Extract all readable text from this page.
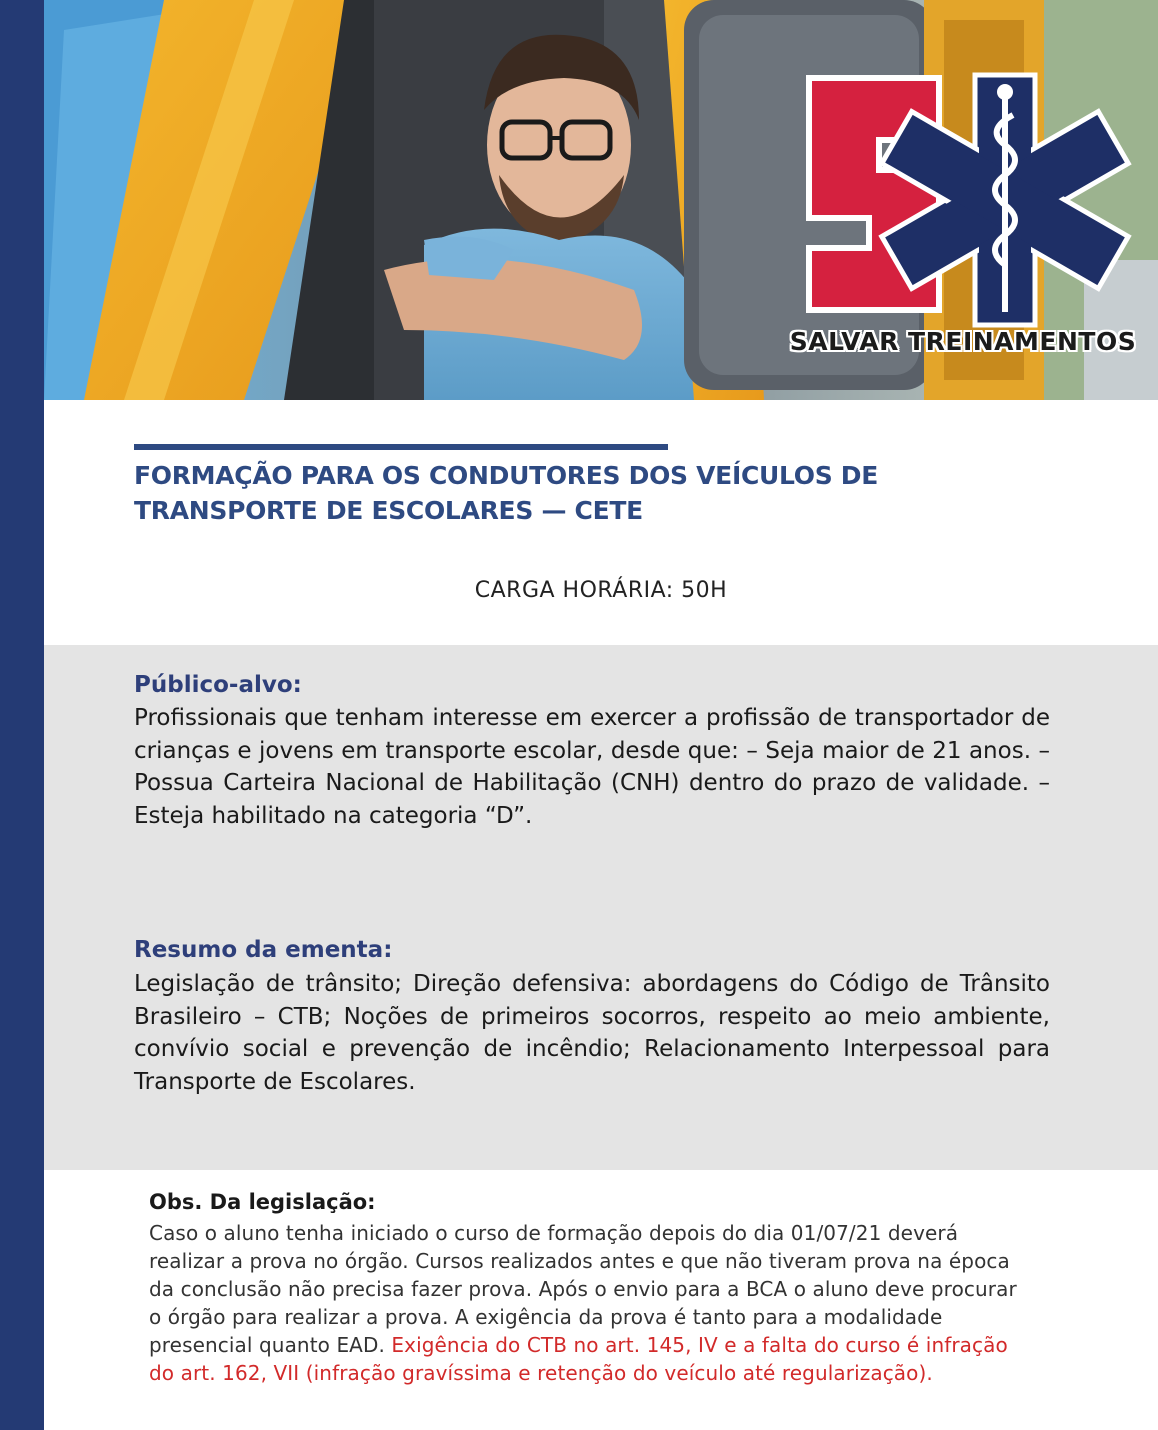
SALVAR TREINAMENTOS
FORMAÇÃO PARA OS CONDUTORES DOS VEÍCULOS DE
TRANSPORTE DE ESCOLARES — CETE
CARGA HORÁRIA: 50H
Público-alvo:

Profissionais que tenham interesse em exercer a profissão de transportador de crianças e jovens em transporte escolar, desde que: – Seja maior de 21 anos. – Possua Carteira Nacional de Habilitação (CNH) dentro do prazo de validade. – Esteja habilitado na categoria “D”.

Resumo da ementa:

Legislação de trânsito; Direção defensiva: abordagens do Código de Trânsito Brasileiro – CTB; Noções de primeiros socorros, respeito ao meio ambiente, convívio social e prevenção de incêndio; Relacionamento Interpessoal para Transporte de Escolares.

Obs. Da legislação:

Caso o aluno tenha iniciado o curso de formação depois do dia 01/07/21 deverá realizar a prova no órgão. Cursos realizados antes e que não tiveram prova na época da conclusão não precisa fazer prova. Após o envio para a BCA o aluno deve procurar o órgão para realizar a prova. A exigência da prova é tanto para a modalidade presencial quanto EAD. Exigência do CTB no art. 145, IV e a falta do curso é infração do art. 162, VII (infração gravíssima e retenção do veículo até regularização).
